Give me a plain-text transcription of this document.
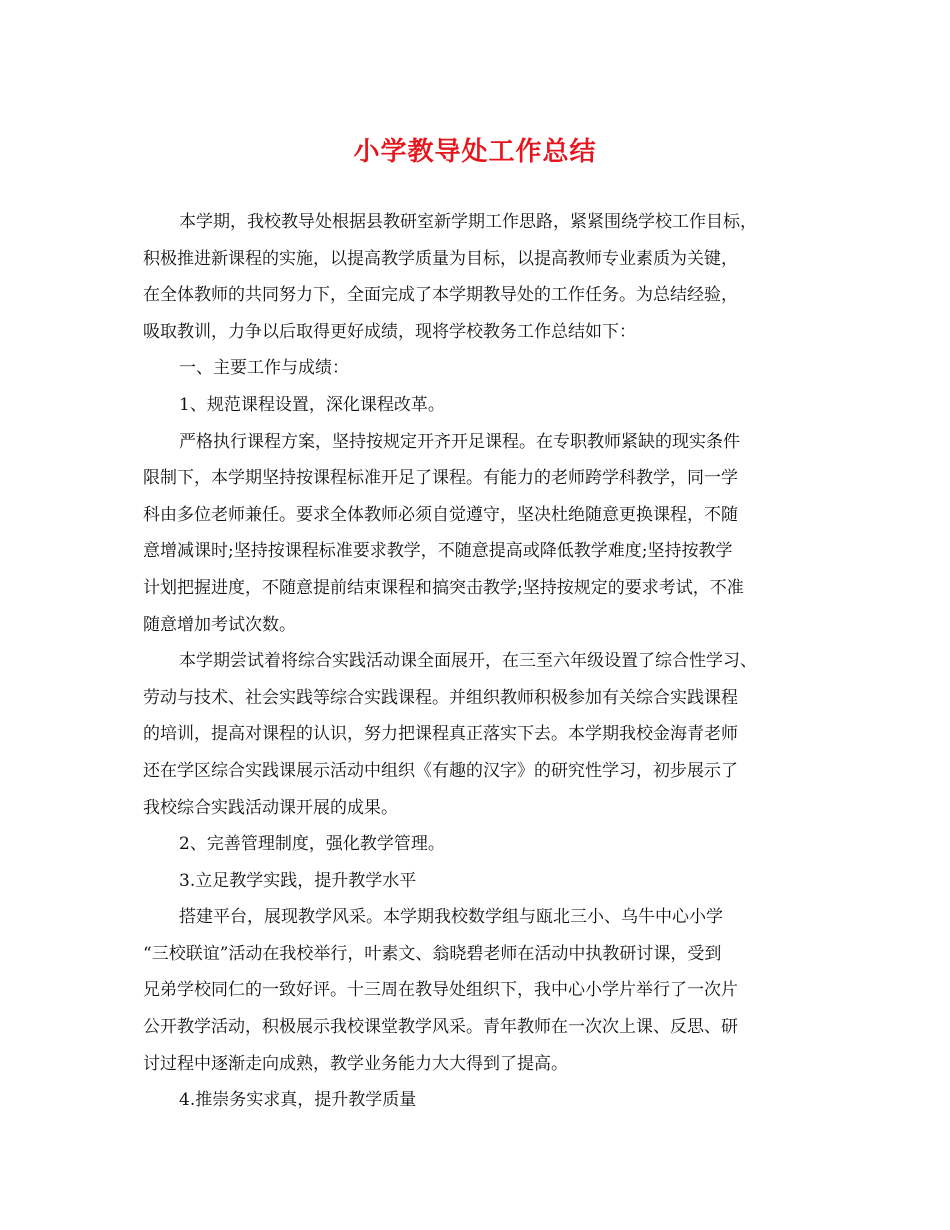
小学教导处工作总结
本学期，我校教导处根据县教研室新学期工作思路，紧紧围绕学校工作目标，
积极推进新课程的实施，以提高教学质量为目标，以提高教师专业素质为关键，
在全体教师的共同努力下，全面完成了本学期教导处的工作任务。为总结经验，
吸取教训，力争以后取得更好成绩，现将学校教务工作总结如下：
一、主要工作与成绩：
1、规范课程设置，深化课程改革。
严格执行课程方案，坚持按规定开齐开足课程。在专职教师紧缺的现实条件
限制下，本学期坚持按课程标准开足了课程。有能力的老师跨学科教学，同一学
科由多位老师兼任。要求全体教师必须自觉遵守，坚决杜绝随意更换课程，不随
意增减课时;坚持按课程标准要求教学，不随意提高或降低教学难度;坚持按教学
计划把握进度，不随意提前结束课程和搞突击教学;坚持按规定的要求考试，不准
随意增加考试次数。
本学期尝试着将综合实践活动课全面展开，在三至六年级设置了综合性学习、
劳动与技术、社会实践等综合实践课程。并组织教师积极参加有关综合实践课程
的培训，提高对课程的认识，努力把课程真正落实下去。本学期我校金海青老师
还在学区综合实践课展示活动中组织《有趣的汉字》的研究性学习，初步展示了
我校综合实践活动课开展的成果。
2、完善管理制度，强化教学管理。
3.立足教学实践，提升教学水平
搭建平台，展现教学风采。本学期我校数学组与瓯北三小、乌牛中心小学
“三校联谊”活动在我校举行，叶素文、翁晓碧老师在活动中执教研讨课，受到
兄弟学校同仁的一致好评。十三周在教导处组织下，我中心小学片举行了一次片
公开教学活动，积极展示我校课堂教学风采。青年教师在一次次上课、反思、研
讨过程中逐渐走向成熟，教学业务能力大大得到了提高。
4.推崇务实求真，提升教学质量
